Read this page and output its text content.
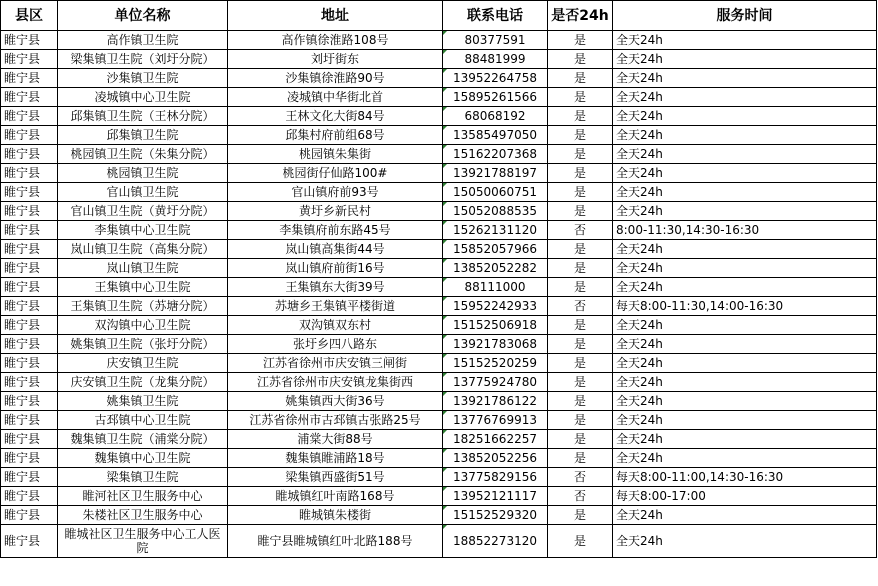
县区	单位名称	地址	联系电话	是否24h	服务时间
睢宁县	高作镇卫生院	高作镇徐淮路108号	80377591	是	全天24h
睢宁县	梁集镇卫生院（刘圩分院）	刘圩街东	88481999	是	全天24h
睢宁县	沙集镇卫生院	沙集镇徐淮路90号	13952264758	是	全天24h
睢宁县	凌城镇中心卫生院	凌城镇中华街北首	15895261566	是	全天24h
睢宁县	邱集镇卫生院（王林分院）	王林文化大街84号	68068192	是	全天24h
睢宁县	邱集镇卫生院	邱集村府前组68号	13585497050	是	全天24h
睢宁县	桃园镇卫生院（朱集分院）	桃园镇朱集街	15162207368	是	全天24h
睢宁县	桃园镇卫生院	桃园街仔仙路100#	13921788197	是	全天24h
睢宁县	官山镇卫生院	官山镇府前93号	15050060751	是	全天24h
睢宁县	官山镇卫生院（黄圩分院）	黄圩乡新民村	15052088535	是	全天24h
睢宁县	李集镇中心卫生院	李集镇府前东路45号	15262131120	否	8:00-11:30,14:30-16:30
睢宁县	岚山镇卫生院（高集分院）	岚山镇高集街44号	15852057966	是	全天24h
睢宁县	岚山镇卫生院	岚山镇府前街16号	13852052282	是	全天24h
睢宁县	王集镇中心卫生院	王集镇东大街39号	88111000	是	全天24h
睢宁县	王集镇卫生院（苏塘分院）	苏塘乡王集镇平楼街道	15952242933	否	每天8:00-11:30,14:00-16:30
睢宁县	双沟镇中心卫生院	双沟镇双东村	15152506918	是	全天24h
睢宁县	姚集镇卫生院（张圩分院）	张圩乡四八路东	13921783068	是	全天24h
睢宁县	庆安镇卫生院	江苏省徐州市庆安镇三闸街	15152520259	是	全天24h
睢宁县	庆安镇卫生院（龙集分院）	江苏省徐州市庆安镇龙集街西	13775924780	是	全天24h
睢宁县	姚集镇卫生院	姚集镇西大街36号	13921786122	是	全天24h
睢宁县	古邳镇中心卫生院	江苏省徐州市古邳镇古张路25号	13776769913	是	全天24h
睢宁县	魏集镇卫生院（浦棠分院）	浦棠大街88号	18251662257	是	全天24h
睢宁县	魏集镇中心卫生院	魏集镇睢浦路18号	13852052256	是	全天24h
睢宁县	梁集镇卫生院	梁集镇西盛街51号	13775829156	否	每天8:00-11:00,14:30-16:30
睢宁县	睢河社区卫生服务中心	睢城镇红叶南路168号	13952121117	否	每天8:00-17:00
睢宁县	朱楼社区卫生服务中心	睢城镇朱楼街	15152529320	是	全天24h
睢宁县	睢城社区卫生服务中心工人医院	睢宁县睢城镇红叶北路188号	18852273120	是	全天24h
